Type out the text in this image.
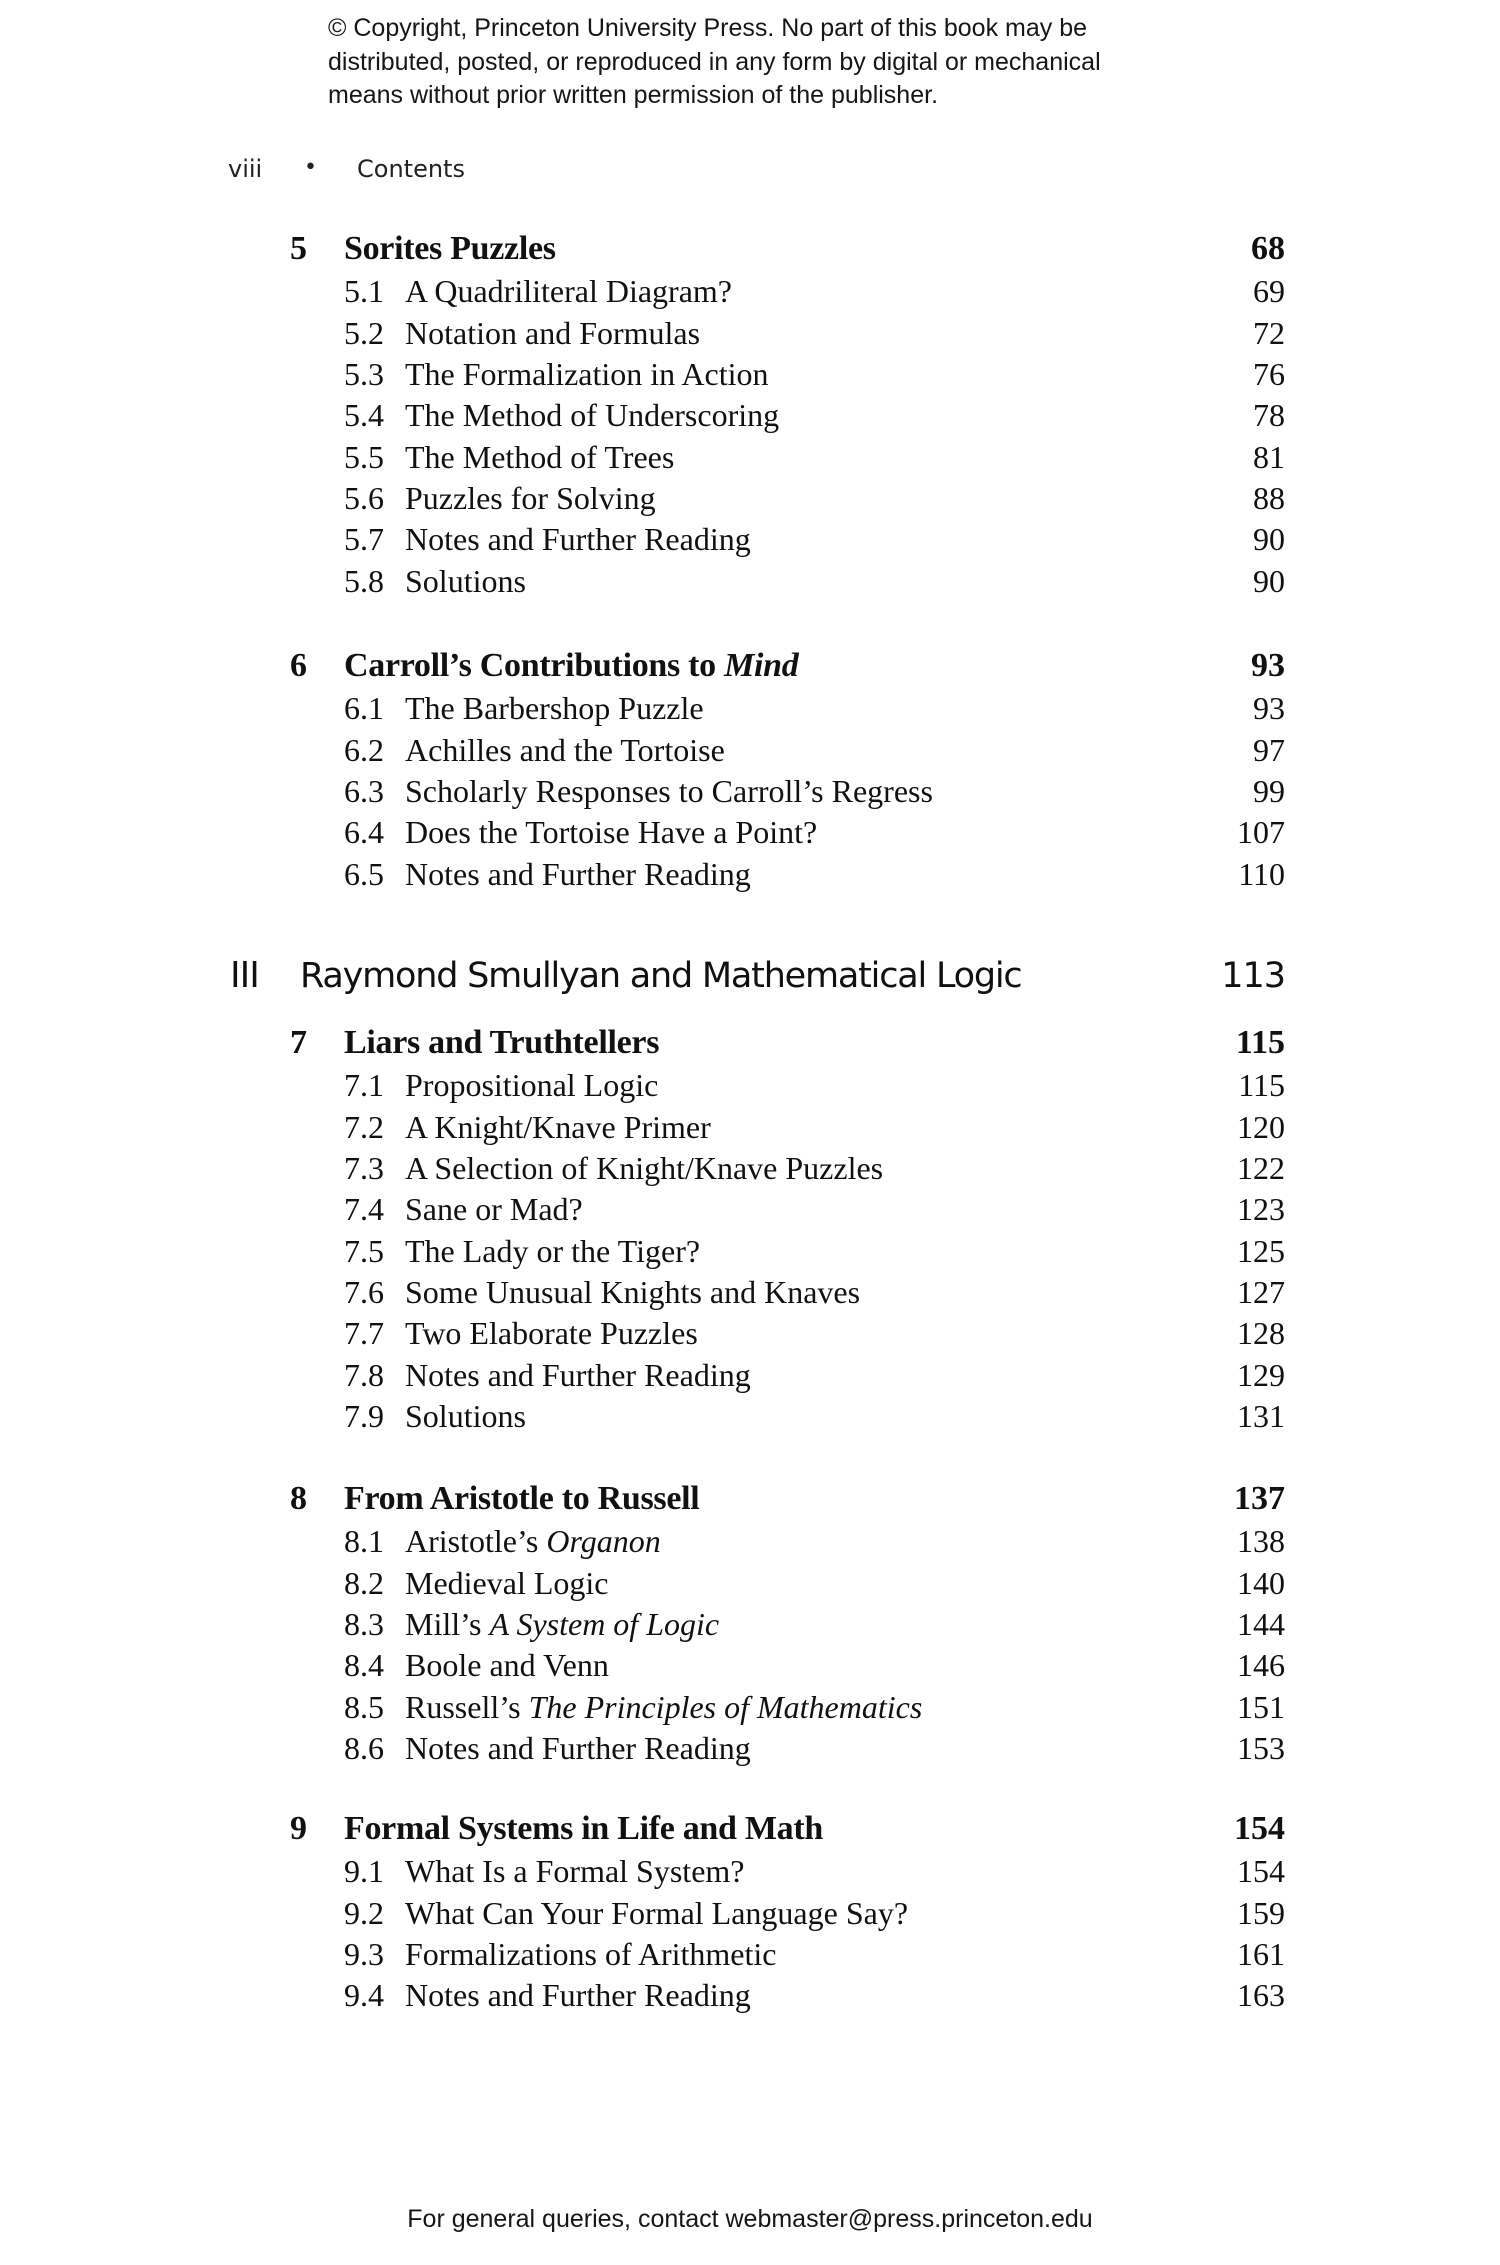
© Copyright, Princeton University Press. No part of this book may be
distributed, posted, or reproduced in any form by digital or mechanical
means without prior written permission of the publisher.
viii • Contents
5 Sorites Puzzles	68
5.1 A Quadriliteral Diagram?	69
5.2 Notation and Formulas	72
5.3 The Formalization in Action	76
5.4 The Method of Underscoring	78
5.5 The Method of Trees	81
5.6 Puzzles for Solving	88
5.7 Notes and Further Reading	90
5.8 Solutions	90
6 Carroll’s Contributions to Mind	93
6.1 The Barbershop Puzzle	93
6.2 Achilles and the Tortoise	97
6.3 Scholarly Responses to Carroll’s Regress	99
6.4 Does the Tortoise Have a Point?	107
6.5 Notes and Further Reading	110
III Raymond Smullyan and Mathematical Logic	113
7 Liars and Truthtellers	115
7.1 Propositional Logic	115
7.2 A Knight/Knave Primer	120
7.3 A Selection of Knight/Knave Puzzles	122
7.4 Sane or Mad?	123
7.5 The Lady or the Tiger?	125
7.6 Some Unusual Knights and Knaves	127
7.7 Two Elaborate Puzzles	128
7.8 Notes and Further Reading	129
7.9 Solutions	131
8 From Aristotle to Russell	137
8.1 Aristotle’s Organon	138
8.2 Medieval Logic	140
8.3 Mill’s A System of Logic	144
8.4 Boole and Venn	146
8.5 Russell’s The Principles of Mathematics	151
8.6 Notes and Further Reading	153
9 Formal Systems in Life and Math	154
9.1 What Is a Formal System?	154
9.2 What Can Your Formal Language Say?	159
9.3 Formalizations of Arithmetic	161
9.4 Notes and Further Reading	163
For general queries, contact webmaster@press.princeton.edu
